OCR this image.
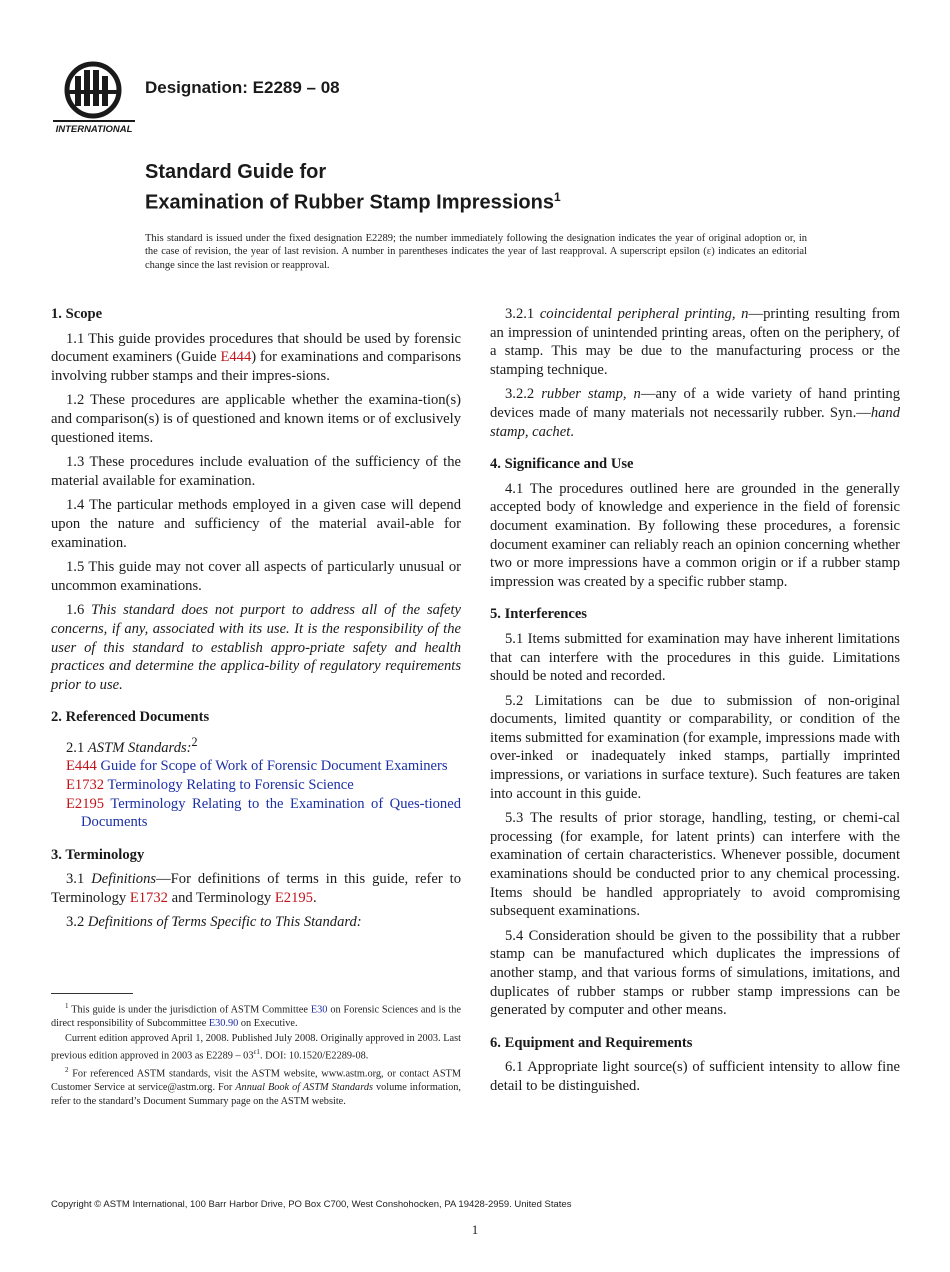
INTERNATIONAL
Designation: E2289 – 08
Standard Guide for
Examination of Rubber Stamp Impressions$^1$
This standard is issued under the fixed designation E2289; the number immediately following the designation indicates the year of original adoption or, in the case of revision, the year of last revision. A number in parentheses indicates the year of last reapproval. A superscript epsilon (ε) indicates an editorial change since the last revision or reapproval.

1. Scope

1.1 This guide provides procedures that should be used by forensic document examiners (Guide E444) for examinations and comparisons involving rubber stamps and their impres-sions.

1.2 These procedures are applicable whether the examina-tion(s) and comparison(s) is of questioned and known items or of exclusively questioned items.

1.3 These procedures include evaluation of the sufficiency of the material available for examination.

1.4 The particular methods employed in a given case will depend upon the nature and sufficiency of the material avail-able for examination.

1.5 This guide may not cover all aspects of particularly unusual or uncommon examinations.

1.6 This standard does not purport to address all of the safety concerns, if any, associated with its use. It is the responsibility of the user of this standard to establish appro-priate safety and health practices and determine the applica-bility of regulatory requirements prior to use.

2. Referenced Documents

2.1 ASTM Standards:$^2$

E444 Guide for Scope of Work of Forensic Document Examiners

E1732 Terminology Relating to Forensic Science

E2195 Terminology Relating to the Examination of Ques-tioned Documents

3. Terminology

3.1 Definitions—For definitions of terms in this guide, refer to Terminology E1732 and Terminology E2195.

3.2 Definitions of Terms Specific to This Standard:

$^1$ This guide is under the jurisdiction of ASTM Committee E30 on Forensic Sciences and is the direct responsibility of Subcommittee E30.90 on Executive.

Current edition approved April 1, 2008. Published July 2008. Originally approved in 2003. Last previous edition approved in 2003 as $E2289 - 03^{\varepsilon 1}$. DOI: 10.1520/E2289-08.

$^2$ For referenced ASTM standards, visit the ASTM website, www.astm.org, or contact ASTM Customer Service at service@astm.org. For Annual Book of ASTM Standards volume information, refer to the standard’s Document Summary page on the ASTM website.

3.2.1 coincidental peripheral printing, n—printing resulting from an impression of unintended printing areas, often on the periphery, of a stamp. This may be due to the manufacturing process or the stamping technique.

3.2.2 rubber stamp, n—any of a wide variety of hand printing devices made of many materials not necessarily rubber. Syn.—hand stamp, cachet.

4. Significance and Use

4.1 The procedures outlined here are grounded in the generally accepted body of knowledge and experience in the field of forensic document examination. By following these procedures, a forensic document examiner can reliably reach an opinion concerning whether two or more impressions have a common origin or if a rubber stamp impression was created by a specific rubber stamp.

5. Interferences

5.1 Items submitted for examination may have inherent limitations that can interfere with the procedures in this guide. Limitations should be noted and recorded.

5.2 Limitations can be due to submission of non-original documents, limited quantity or comparability, or condition of the items submitted for examination (for example, impressions made with over-inked or inadequately inked stamps, partially imprinted impressions, or variations in surface texture). Such features are taken into account in this guide.

5.3 The results of prior storage, handling, testing, or chemi-cal processing (for example, for latent prints) can interfere with the examination of certain characteristics. Whenever possible, document examinations should be conducted prior to any chemical processing. Items should be handled appropriately to avoid compromising subsequent examinations.

5.4 Consideration should be given to the possibility that a rubber stamp can be manufactured which duplicates the impressions of another stamp, and that various forms of simulations, imitations, and duplicates of rubber stamps or rubber stamp impressions can be generated by computer and other means.

6. Equipment and Requirements

6.1 Appropriate light source(s) of sufficient intensity to allow fine detail to be distinguished.

Copyright © ASTM International, 100 Barr Harbor Drive, PO Box C700, West Conshohocken, PA 19428-2959. United States
1
